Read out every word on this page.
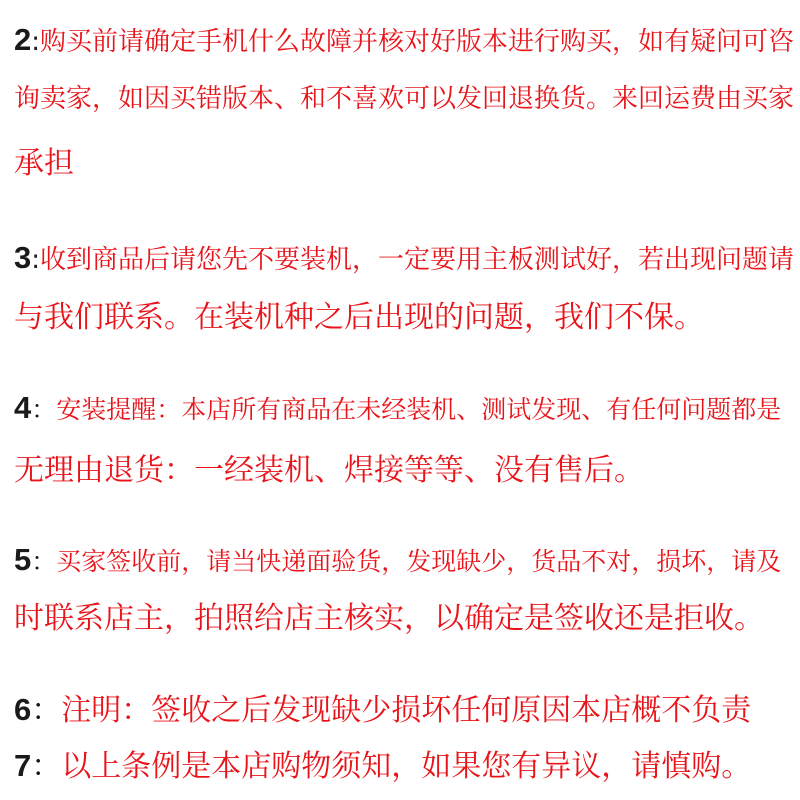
2:购买前请确定手机什么故障并核对好版本进行购买，如有疑问可咨
询卖家，如因买错版本、和不喜欢可以发回退换货。来回运费由买家
承担
3:收到商品后请您先不要装机，一定要用主板测试好，若出现问题请
与我们联系。在装机种之后出现的问题，我们不保。
4：安装提醒：本店所有商品在未经装机、测试发现、有任何问题都是
无理由退货：一经装机、焊接等等、没有售后。
5：买家签收前，请当快递面验货，发现缺少，货品不对，损坏，请及
时联系店主，拍照给店主核实，以确定是签收还是拒收。
6：注明：签收之后发现缺少损坏任何原因本店概不负责
7：以上条例是本店购物须知，如果您有异议，请慎购。
